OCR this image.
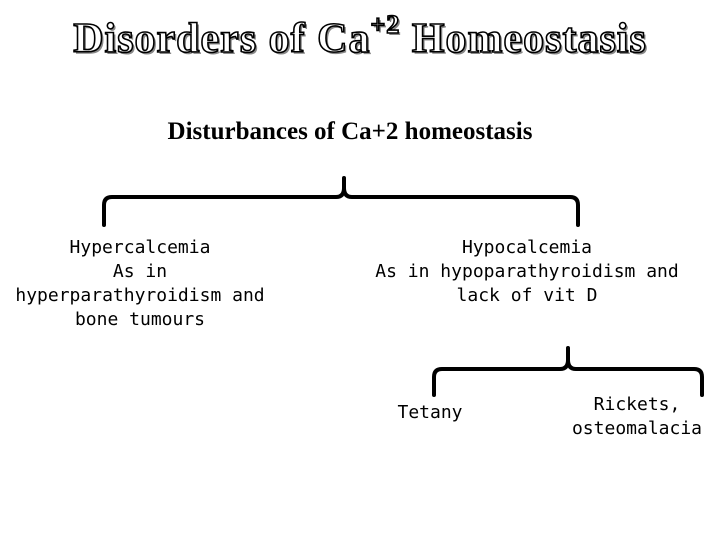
Disorders of $Ca^{+2}$ Homeostasis
Disturbances of Ca+2 homeostasis
Hypercalcemia
As in
hyperparathyroidism and
bone tumours
Hypocalcemia
As in hypoparathyroidism and
lack of vit D
Tetany	Rickets,
osteomalacia
